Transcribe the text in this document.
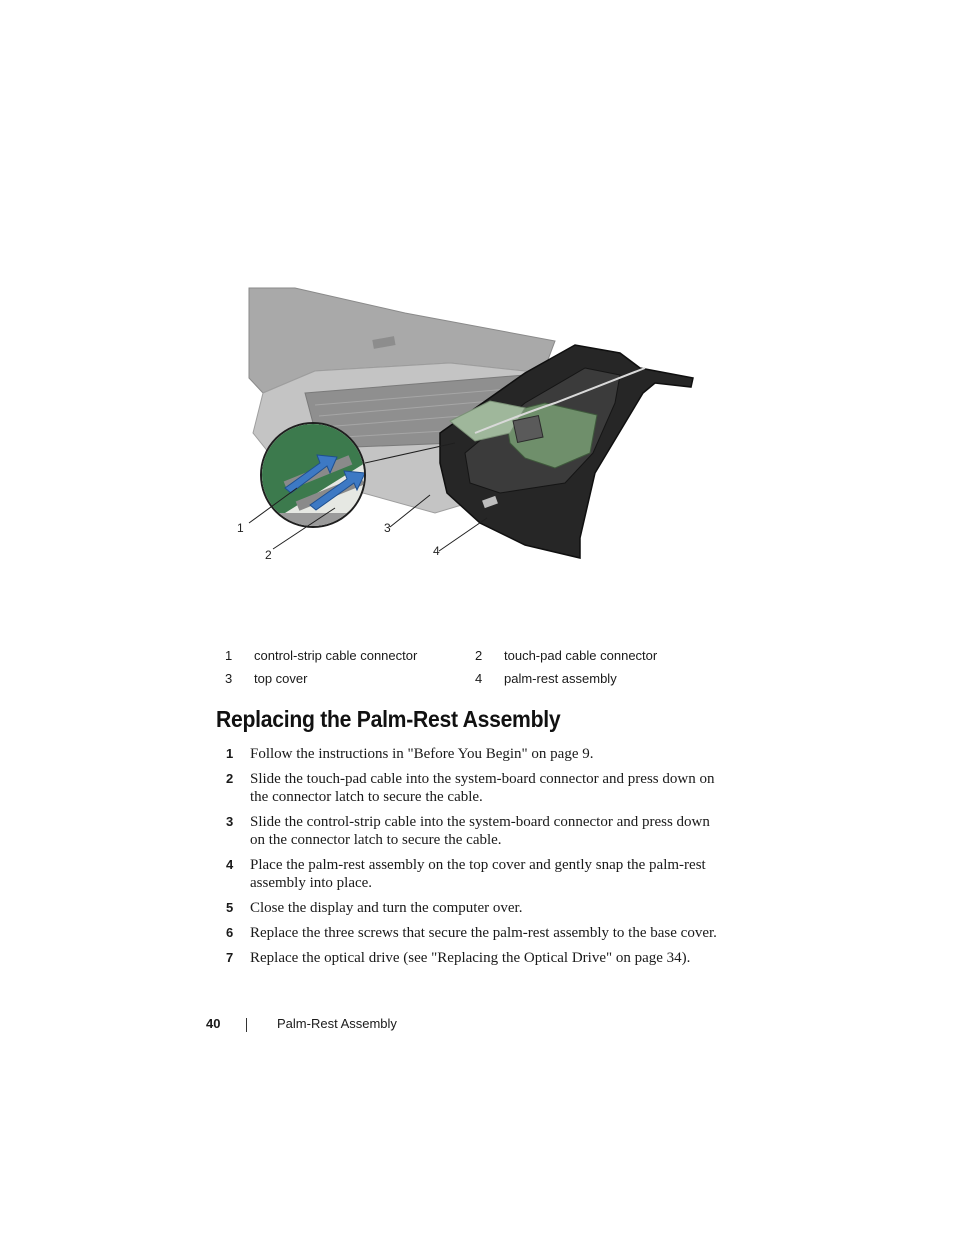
1
2
3
4
1	control-strip cable connector	2	touch-pad cable connector
3	top cover	4	palm-rest assembly
Replacing the Palm-Rest Assembly
1 Follow the instructions in "Before You Begin" on page 9.
2 Slide the touch-pad cable into the system-board connector and press down on the connector latch to secure the cable.
3 Slide the control-strip cable into the system-board connector and press down on the connector latch to secure the cable.
4 Place the palm-rest assembly on the top cover and gently snap the palm-rest assembly into place.
5 Close the display and turn the computer over.
6 Replace the three screws that secure the palm-rest assembly to the base cover.
7 Replace the optical drive (see "Replacing the Optical Drive" on page 34).
40	Palm-Rest Assembly
